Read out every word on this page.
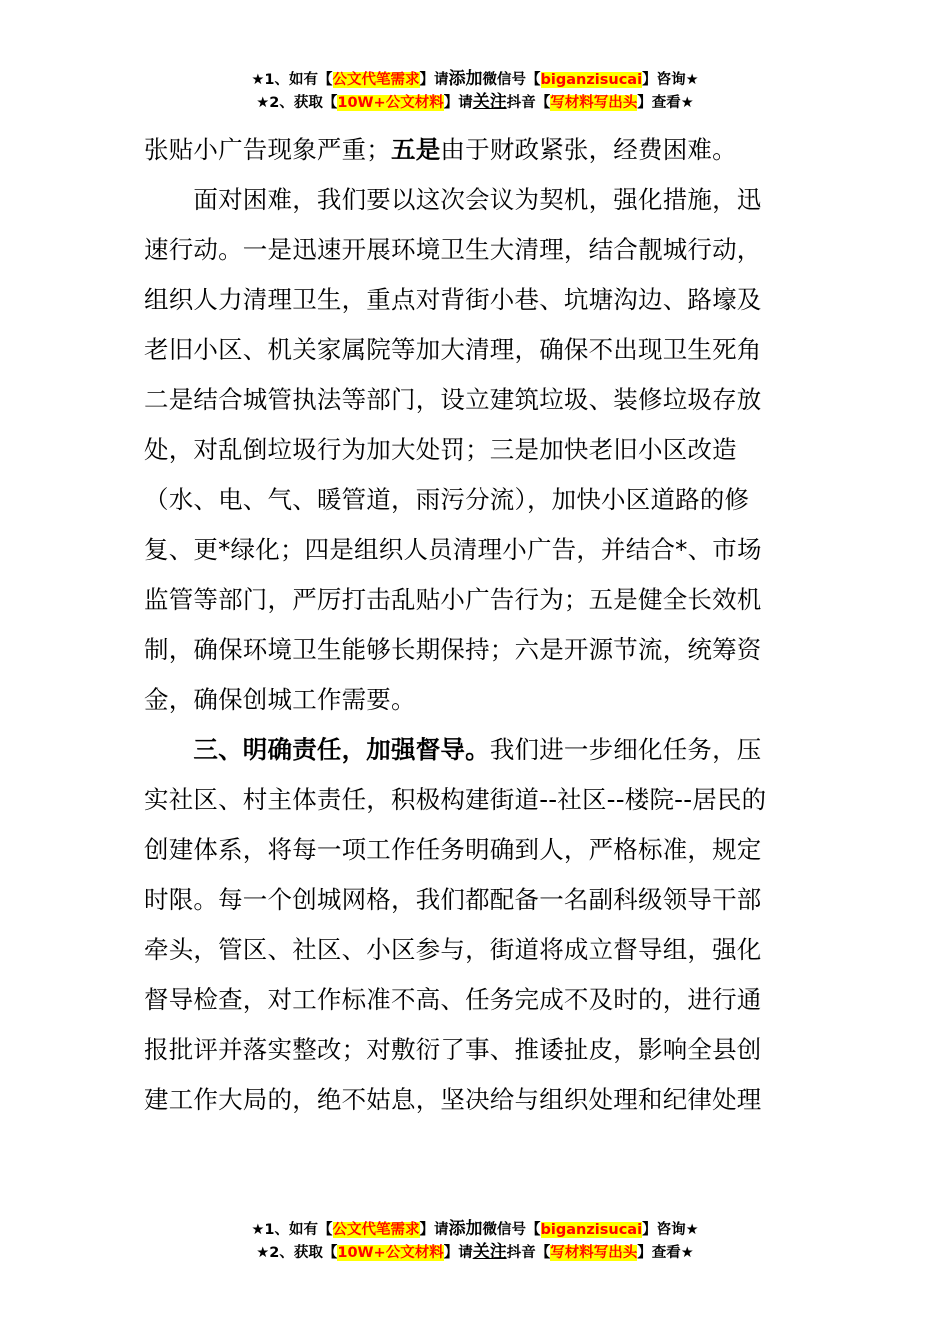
★1、如有【公文代笔需求】请添加微信号【biganzisucai】咨询★
★2、获取【10W+公文材料】请关注抖音【写材料写出头】查看★
张贴小广告现象严重；五是由于财政紧张，经费困难。
　　面对困难，我们要以这次会议为契机，强化措施，迅
速行动。一是迅速开展环境卫生大清理，结合靓城行动，
组织人力清理卫生，重点对背街小巷、坑塘沟边、路壕及
老旧小区、机关家属院等加大清理，确保不出现卫生死角
二是结合城管执法等部门，设立建筑垃圾、装修垃圾存放
处，对乱倒垃圾行为加大处罚；三是加快老旧小区改造
（水、电、气、暖管道，雨污分流），加快小区道路的修
复、更*绿化；四是组织人员清理小广告，并结合*、市场
监管等部门，严厉打击乱贴小广告行为；五是健全长效机
制，确保环境卫生能够长期保持；六是开源节流，统筹资
金，确保创城工作需要。
　　三、明确责任，加强督导。我们进一步细化任务，压
实社区、村主体责任，积极构建街道--社区--楼院--居民的
创建体系，将每一项工作任务明确到人，严格标准，规定
时限。每一个创城网格，我们都配备一名副科级领导干部
牵头，管区、社区、小区参与，街道将成立督导组，强化
督导检查，对工作标准不高、任务完成不及时的，进行通
报批评并落实整改；对敷衍了事、推诿扯皮，影响全县创
建工作大局的，绝不姑息，坚决给与组织处理和纪律处理
★1、如有【公文代笔需求】请添加微信号【biganzisucai】咨询★
★2、获取【10W+公文材料】请关注抖音【写材料写出头】查看★
